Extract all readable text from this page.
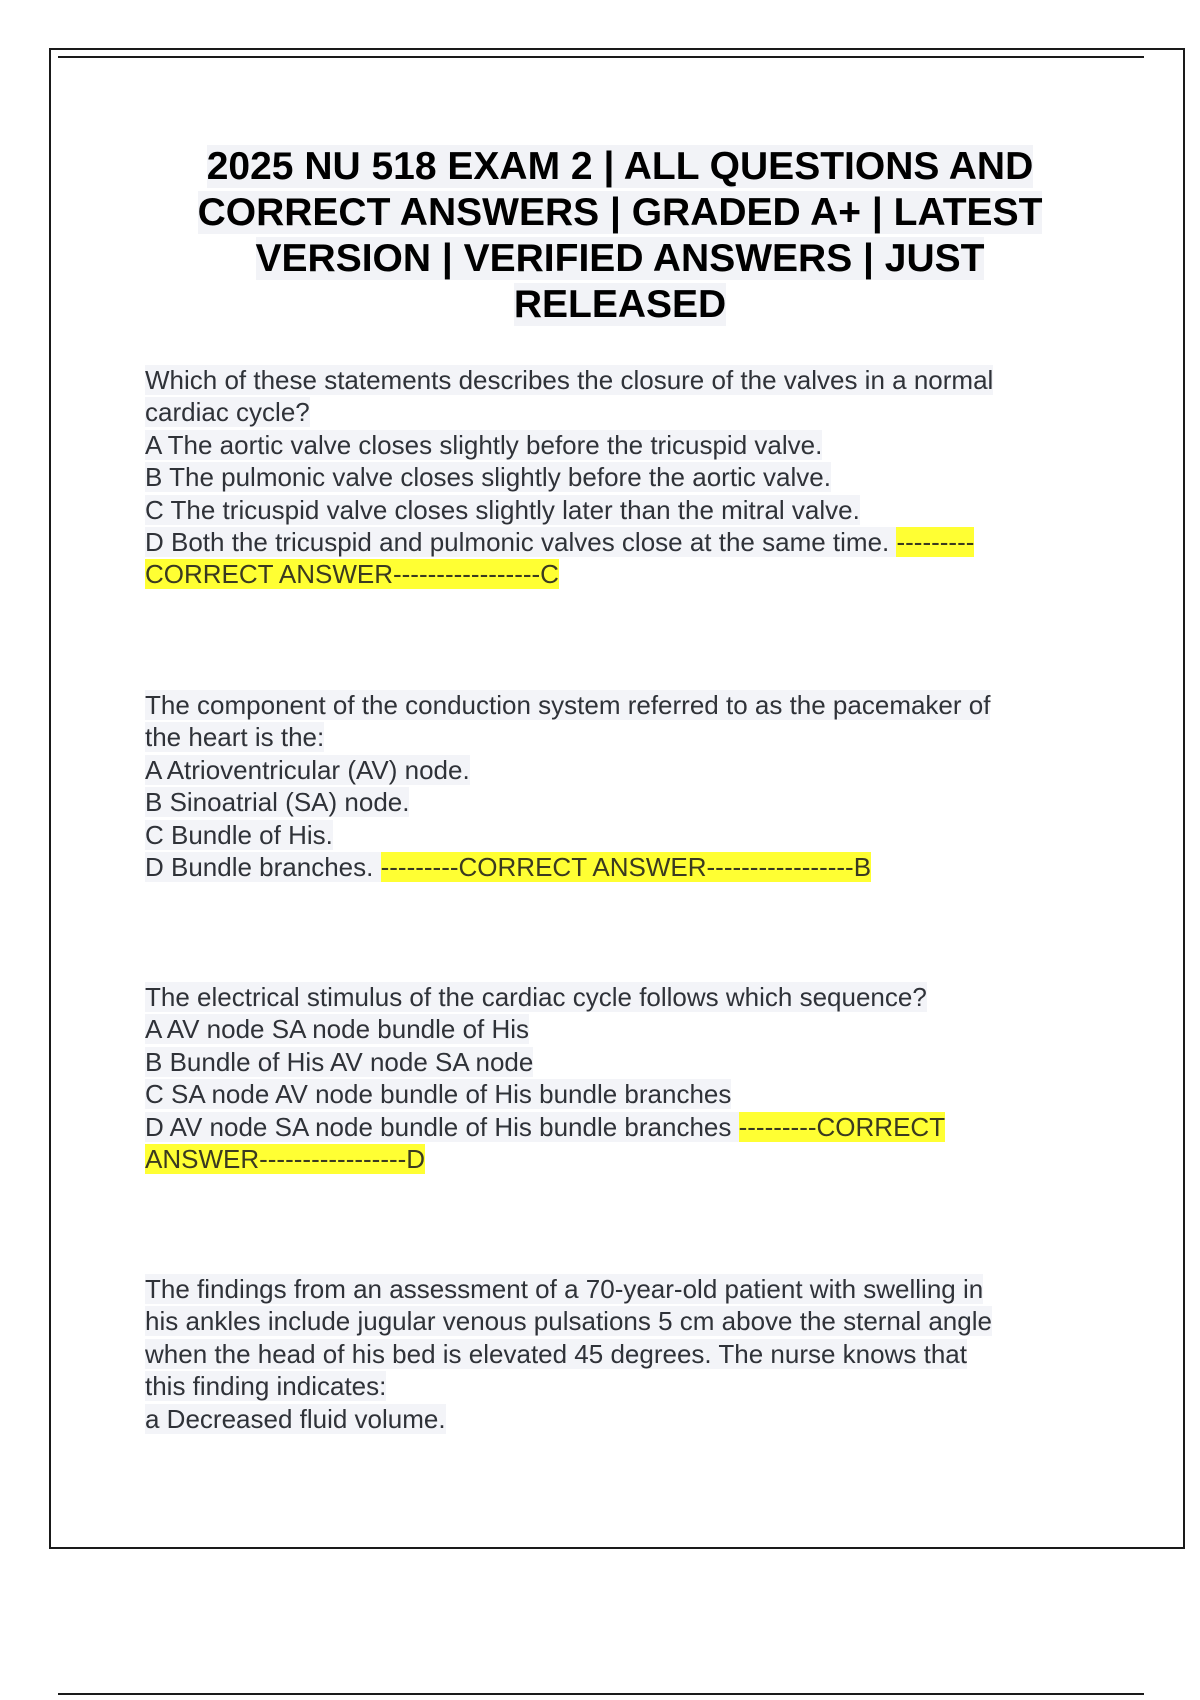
2025 NU 518 EXAM 2 | ALL QUESTIONS AND
CORRECT ANSWERS | GRADED A+ | LATEST
VERSION | VERIFIED ANSWERS | JUST
RELEASED
Which of these statements describes the closure of the valves in a normal
cardiac cycle?
A The aortic valve closes slightly before the tricuspid valve.
B The pulmonic valve closes slightly before the aortic valve.
C The tricuspid valve closes slightly later than the mitral valve.
D Both the tricuspid and pulmonic valves close at the same time. ---------
CORRECT ANSWER-----------------C
The component of the conduction system referred to as the pacemaker of
the heart is the:
A Atrioventricular (AV) node.
B Sinoatrial (SA) node.
C Bundle of His.
D Bundle branches. ---------CORRECT ANSWER-----------------B
The electrical stimulus of the cardiac cycle follows which sequence?
A AV node SA node bundle of His
B Bundle of His AV node SA node
C SA node AV node bundle of His bundle branches
D AV node SA node bundle of His bundle branches ---------CORRECT
ANSWER-----------------D
The findings from an assessment of a 70-year-old patient with swelling in
his ankles include jugular venous pulsations 5 cm above the sternal angle
when the head of his bed is elevated 45 degrees. The nurse knows that
this finding indicates:
a Decreased fluid volume.
